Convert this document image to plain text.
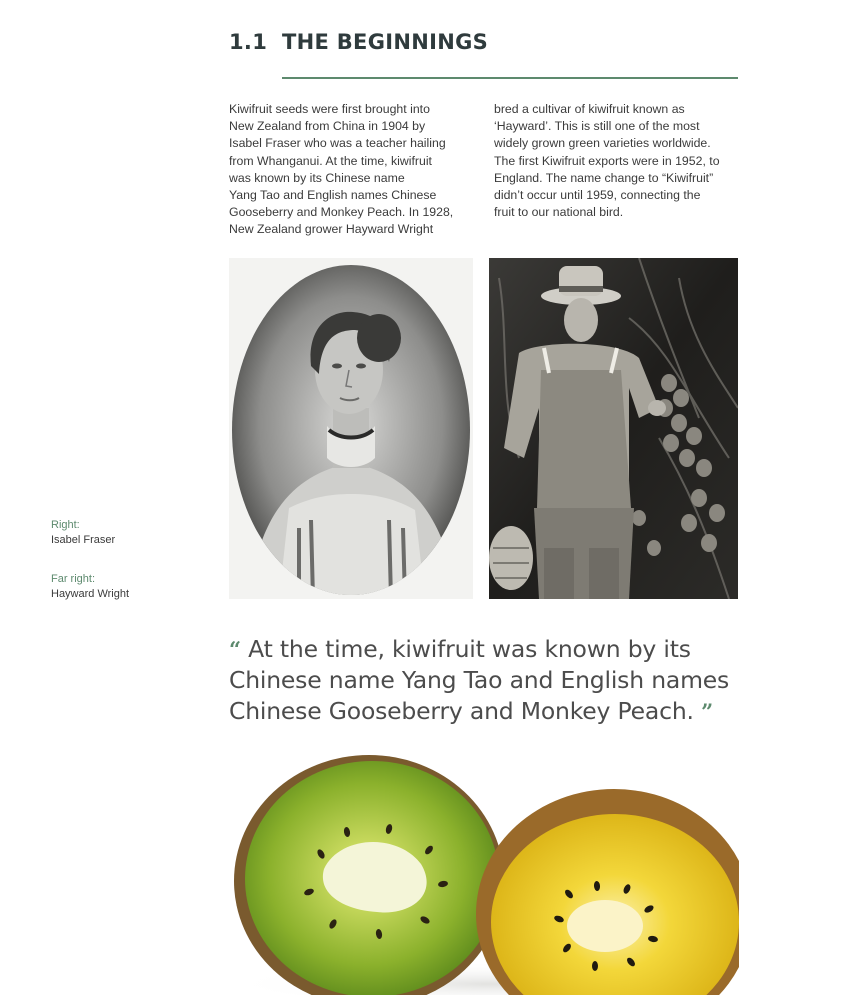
1.1 THE BEGINNINGS

Kiwifruit seeds were first brought into
New Zealand from China in 1904 by
Isabel Fraser who was a teacher hailing
from Whanganui. At the time, kiwifruit
was known by its Chinese name
Yang Tao and English names Chinese
Gooseberry and Monkey Peach. In 1928,
New Zealand grower Hayward Wright

bred a cultivar of kiwifruit known as
‘Hayward’. This is still one of the most
widely grown green varieties worldwide.
The first Kiwifruit exports were in 1952, to
England. The name change to “Kiwifruit”
didn’t occur until 1959, connecting the
fruit to our national bird.

Right:
Isabel Fraser
Far right:
Hayward Wright
“ At the time, kiwifruit was known by its Chinese name Yang Tao and English names Chinese Gooseberry and Monkey Peach. ”
